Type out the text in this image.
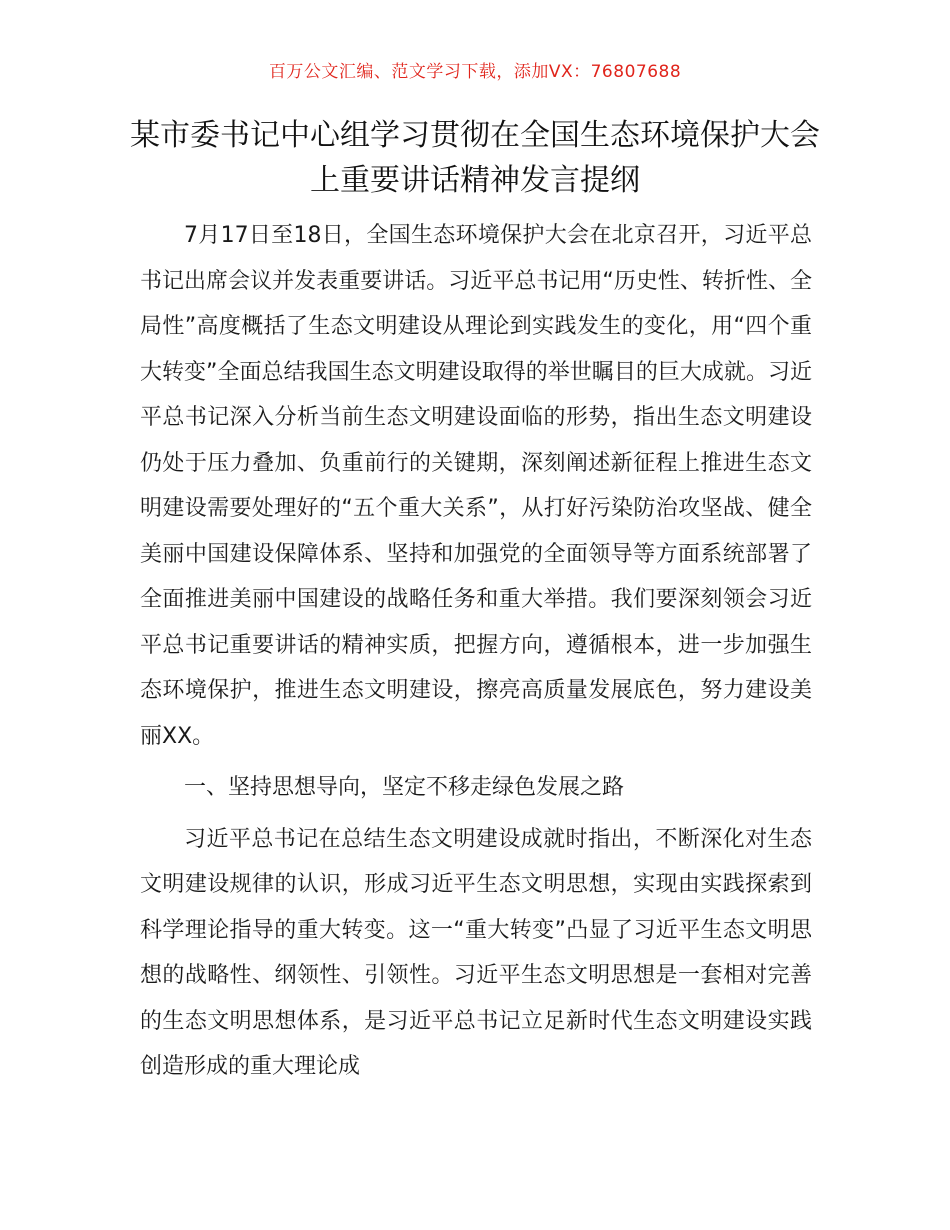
百万公文汇编、范文学习下载，添加VX：76807688
某市委书记中心组学习贯彻在全国生态环境保护大会上重要讲话精神发言提纲

7月17日至18日，全国生态环境保护大会在北京召开，习近平总书记出席会议并发表重要讲话。习近平总书记用“历史性、转折性、全局性”高度概括了生态文明建设从理论到实践发生的变化，用“四个重大转变”全面总结我国生态文明建设取得的举世瞩目的巨大成就。习近平总书记深入分析当前生态文明建设面临的形势，指出生态文明建设仍处于压力叠加、负重前行的关键期，深刻阐述新征程上推进生态文明建设需要处理好的“五个重大关系”，从打好污染防治攻坚战、健全美丽中国建设保障体系、坚持和加强党的全面领导等方面系统部署了全面推进美丽中国建设的战略任务和重大举措。我们要深刻领会习近平总书记重要讲话的精神实质，把握方向，遵循根本，进一步加强生态环境保护，推进生态文明建设，擦亮高质量发展底色，努力建设美丽XX。

一、坚持思想导向，坚定不移走绿色发展之路

习近平总书记在总结生态文明建设成就时指出，不断深化对生态文明建设规律的认识，形成习近平生态文明思想，实现由实践探索到科学理论指导的重大转变。这一“重大转变”凸显了习近平生态文明思想的战略性、纲领性、引领性。习近平生态文明思想是一套相对完善的生态文明思想体系，是习近平总书记立足新时代生态文明建设实践创造形成的重大理论成
